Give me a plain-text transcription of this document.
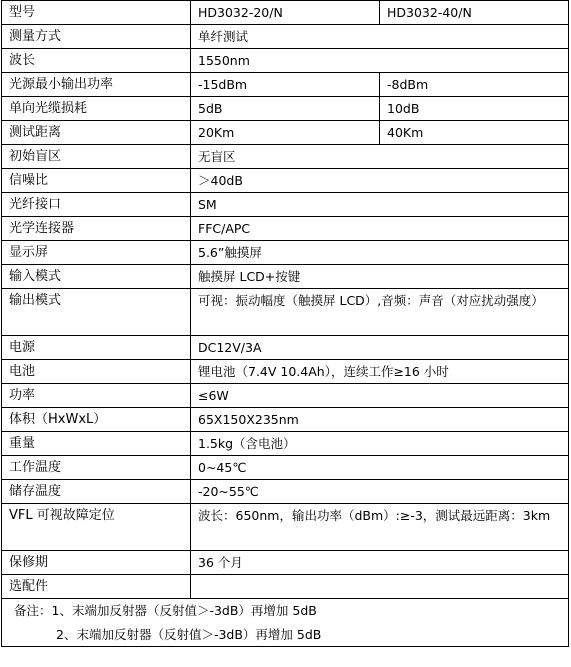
型号	HD3032-20/N	HD3032-40/N
测量方式	单纤测试	
波长	1550nm	
光源最小输出功率	-15dBm	-8dBm
单向光缆损耗	5dB	10dB
测试距离	20Km	40Km
初始盲区	无盲区	
信噪比	＞40dB	
光纤接口	SM	
光学连接器	FFC/APC	
显示屏	5.6”触摸屏	
输入模式	触摸屏 LCD+按键	
输出模式	可视：振动幅度（触摸屏 LCD）,音频：声音（对应扰动强度）	
电源	DC12V/3A	
电池	锂电池（7.4V 10.4Ah），连续工作≥16 小时	
功率	≤6W	
体积（HxWxL）	65X150X235nm	
重量	1.5kg（含电池）	
工作温度	0~45℃	
储存温度	-20~55℃	
VFL 可视故障定位	波长：650nm，输出功率（dBm）:≥-3，测试最远距离：3km	
保修期	36 个月	
选配件		

备注：1、末端加反射器（反射值＞-3dB）再增加 5dB
2、末端加反射器（反射值＞-3dB）再增加 5dB		
